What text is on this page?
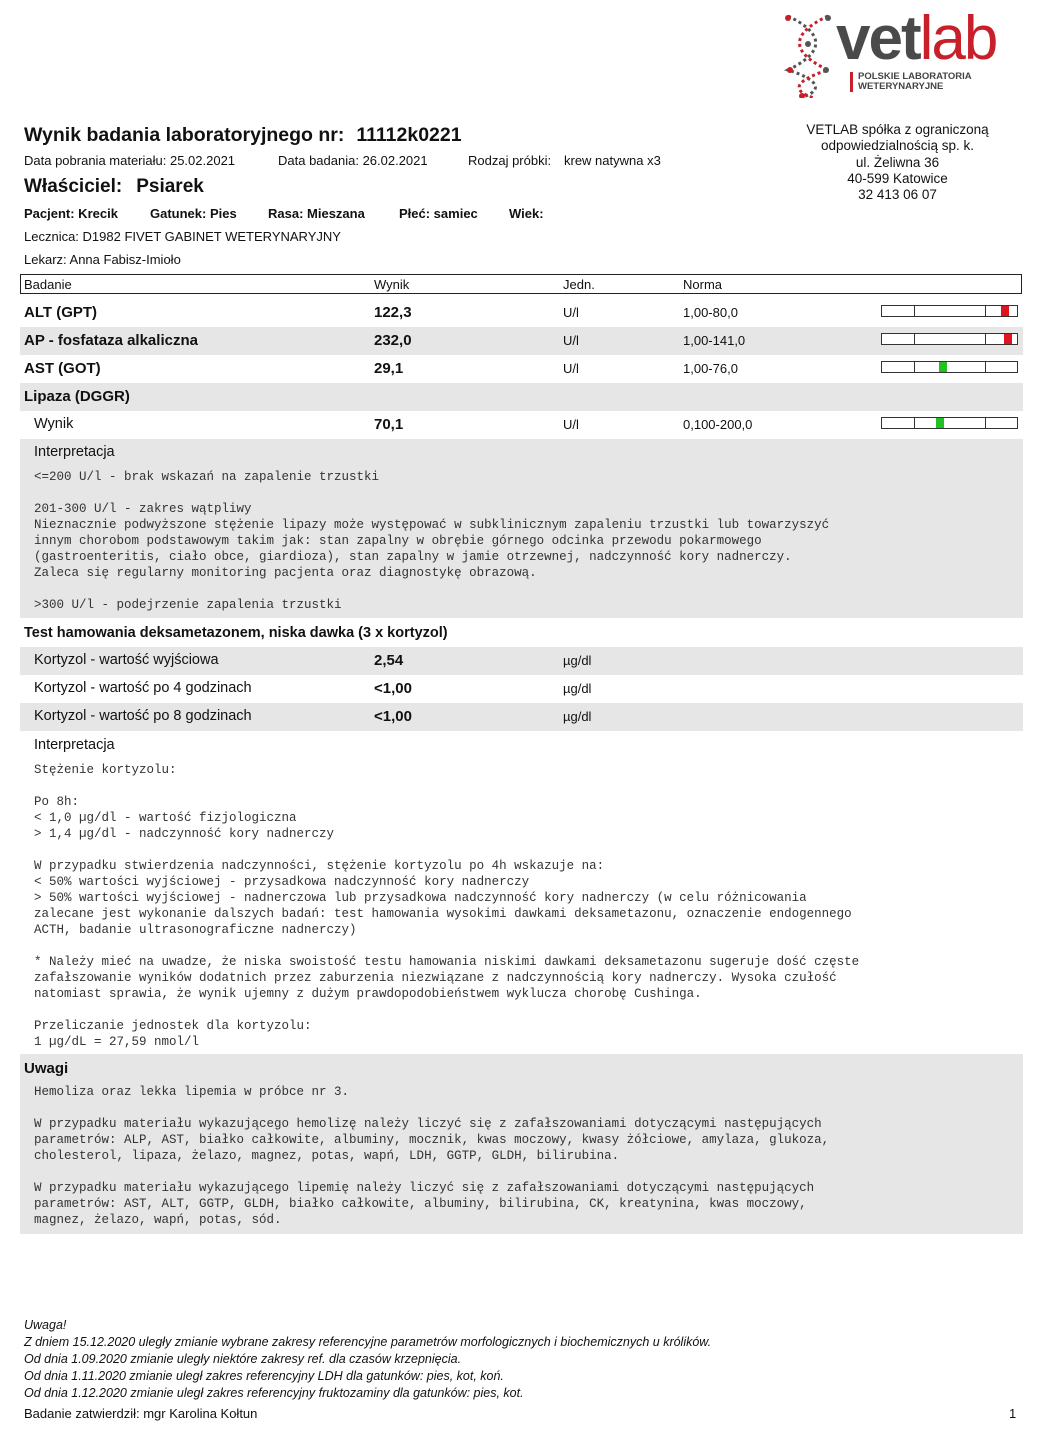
vetlab
POLSKIE LABORATORIA
WETERYNARYJNE
Wynik badania laboratoryjnego nr: 11112k0221
Data pobrania materiału: 25.02.2021	Data badania: 26.02.2021	Rodzaj próbki: krew natywna x3
Właściciel: Psiarek
Pacjent: Krecik Gatunek: Pies Rasa: Mieszana	Płeć: samiec Wiek:
Lecznica: D1982 FIVET GABINET WETERYNARYJNY
Lekarz: Anna Fabisz-Imioło
VETLAB spółka z ograniczoną
odpowiedzialnością sp. k.
ul. Żeliwna 36
40-599 Katowice
32 413 06 07
Badanie	Wynik	Jedn.	Norma
ALT (GPT)	122,3	U/l	1,00-80,0
AP - fosfataza alkaliczna	232,0	U/l	1,00-141,0
AST (GOT)	29,1	U/l	1,00-76,0
Lipaza (DGGR)
Wynik	70,1	U/l	0,100-200,0
Interpretacja
<=200 U/l - brak wskazań na zapalenie trzustki

201-300 U/l - zakres wątpliwy
Nieznacznie podwyższone stężenie lipazy może występować w subklinicznym zapaleniu trzustki lub towarzyszyć
innym chorobom podstawowym takim jak: stan zapalny w obrębie górnego odcinka przewodu pokarmowego
(gastroenteritis, ciało obce, giardioza), stan zapalny w jamie otrzewnej, nadczynność kory nadnerczy.
Zaleca się regularny monitoring pacjenta oraz diagnostykę obrazową.

>300 U/l - podejrzenie zapalenia trzustki
Test hamowania deksametazonem, niska dawka (3 x kortyzol)
Kortyzol - wartość wyjściowa	2,54	µg/dl
Kortyzol - wartość po 4 godzinach	<1,00	µg/dl
Kortyzol - wartość po 8 godzinach	<1,00	µg/dl
Interpretacja
Stężenie kortyzolu:

Po 8h:
< 1,0 µg/dl - wartość fizjologiczna
> 1,4 µg/dl - nadczynność kory nadnerczy

W przypadku stwierdzenia nadczynności, stężenie kortyzolu po 4h wskazuje na:
< 50% wartości wyjściowej - przysadkowa nadczynność kory nadnerczy
> 50% wartości wyjściowej - nadnerczowa lub przysadkowa nadczynność kory nadnerczy (w celu różnicowania
zalecane jest wykonanie dalszych badań: test hamowania wysokimi dawkami deksametazonu, oznaczenie endogennego
ACTH, badanie ultrasonograficzne nadnerczy)

* Należy mieć na uwadze, że niska swoistość testu hamowania niskimi dawkami deksametazonu sugeruje dość częste
zafałszowanie wyników dodatnich przez zaburzenia niezwiązane z nadczynnością kory nadnerczy. Wysoka czułość
natomiast sprawia, że wynik ujemny z dużym prawdopodobieństwem wyklucza chorobę Cushinga.

Przeliczanie jednostek dla kortyzolu:
1 µg/dL = 27,59 nmol/l
Uwagi
Hemoliza oraz lekka lipemia w próbce nr 3.

W przypadku materiału wykazującego hemolizę należy liczyć się z zafałszowaniami dotyczącymi następujących
parametrów: ALP, AST, białko całkowite, albuminy, mocznik, kwas moczowy, kwasy żółciowe, amylaza, glukoza,
cholesterol, lipaza, żelazo, magnez, potas, wapń, LDH, GGTP, GLDH, bilirubina.

W przypadku materiału wykazującego lipemię należy liczyć się z zafałszowaniami dotyczącymi następujących
parametrów: AST, ALT, GGTP, GLDH, białko całkowite, albuminy, bilirubina, CK, kreatynina, kwas moczowy,
magnez, żelazo, wapń, potas, sód.
Uwaga!
Z dniem 15.12.2020 uległy zmianie wybrane zakresy referencyjne parametrów morfologicznych i biochemicznych u królików.
Od dnia 1.09.2020 zmianie uległy niektóre zakresy ref. dla czasów krzepnięcia.
Od dnia 1.11.2020 zmianie uległ zakres referencyjny LDH dla gatunków: pies, kot, koń.
Od dnia 1.12.2020 zmianie uległ zakres referencyjny fruktozaminy dla gatunków: pies, kot.
Badanie zatwierdził: mgr Karolina Kołtun	1
